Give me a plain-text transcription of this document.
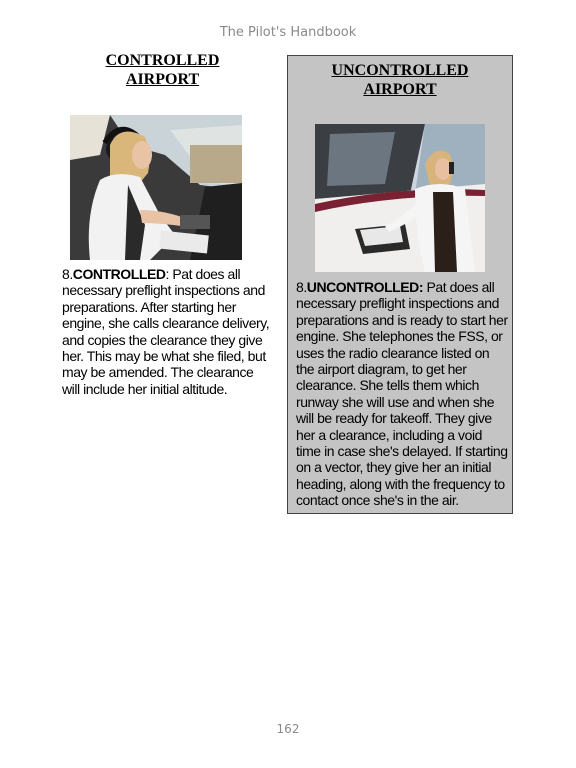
The Pilot's Handbook
CONTROLLED
AIRPORT
8.CONTROLLED: Pat does all necessary preflight inspections and preparations. After starting her engine, she calls clearance delivery, and copies the clearance they give her. This may be what she filed, but may be amended. The clearance will include her initial altitude.
UNCONTROLLED
AIRPORT
8.UNCONTROLLED: Pat does all necessary preflight inspections and preparations and is ready to start her engine. She telephones the FSS, or uses the radio clearance listed on the airport diagram, to get her clearance. She tells them which runway she will use and when she will be ready for takeoff. They give her a clearance, including a void time in case she's delayed. If starting on a vector, they give her an initial heading, along with the frequency to contact once she's in the air.
162
